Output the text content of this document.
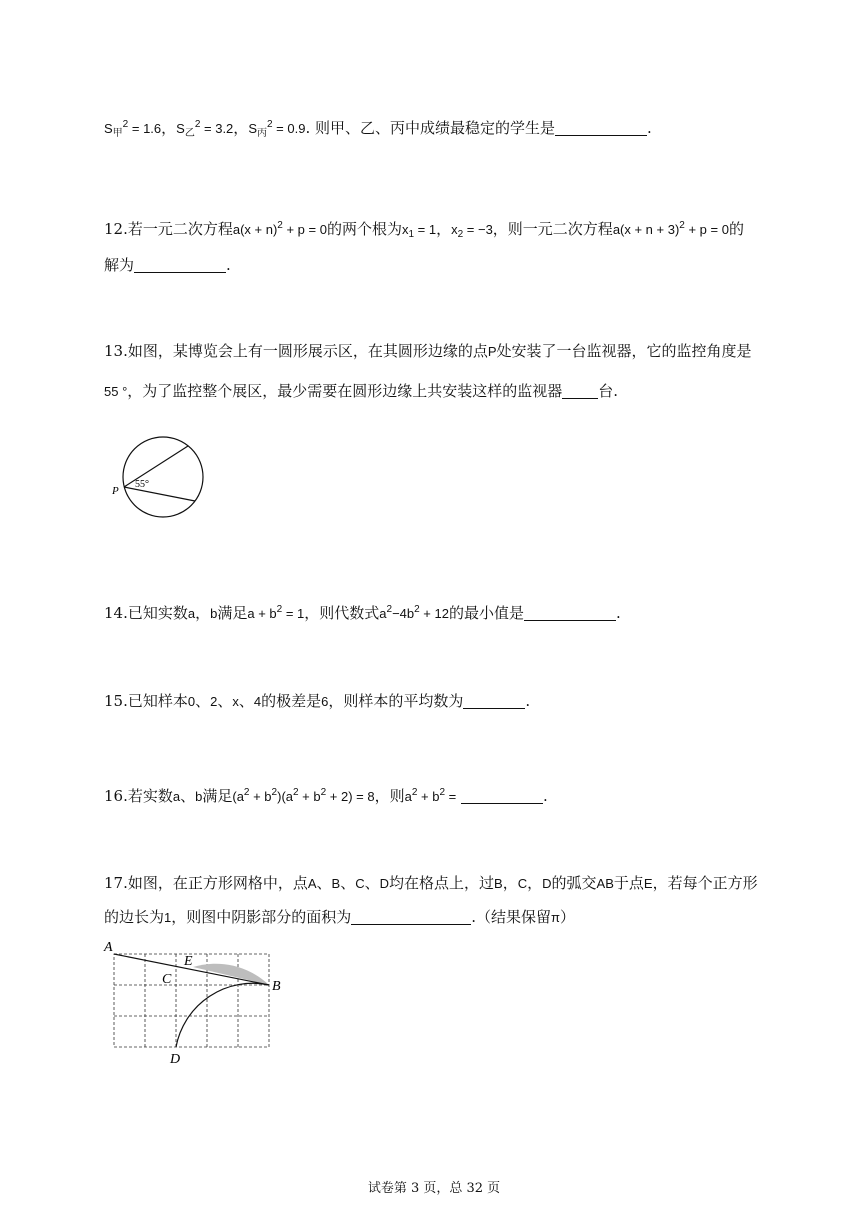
$S_甲^2 = 1.6$，$S_乙^2 = 3.2$，$S_丙^2 = 0.9$. 则甲、乙、丙中成绩最稳定的学生是	.
12.若一元二次方程$a(x + n)^2 + p = 0$的两个根为$x_1 = 1$，$x_2 = -3$，则一元二次方程$a(x + n + 3)^2 + p = 0$的
解为	.
13.如图，某博览会上有一圆形展示区，在其圆形边缘的点P处安装了一台监视器，它的监控角度是
55 °，为了监控整个展区，最少需要在圆形边缘上共安装这样的监视器 台.
P
55°
14.已知实数a，b满足$a + b^2 = 1$，则代数式$a^2-4b^2 + 12$的最小值是	.
15.已知样本0、2、x、4的极差是6，则样本的平均数为	.
16.若实数a、b满足$(a^2 + b^2)(a^2 + b^2 + 2) = 8$，则$a^2 + b^2$ =	.
17.如图，在正方形网格中，点A、B、C、D均在格点上，过B，C，D的弧交AB于点E，若每个正方形
的边长为1，则图中阴影部分的面积为	.（结果保留π）
A
B
C
D
E
试卷第 3 页，总 32 页
